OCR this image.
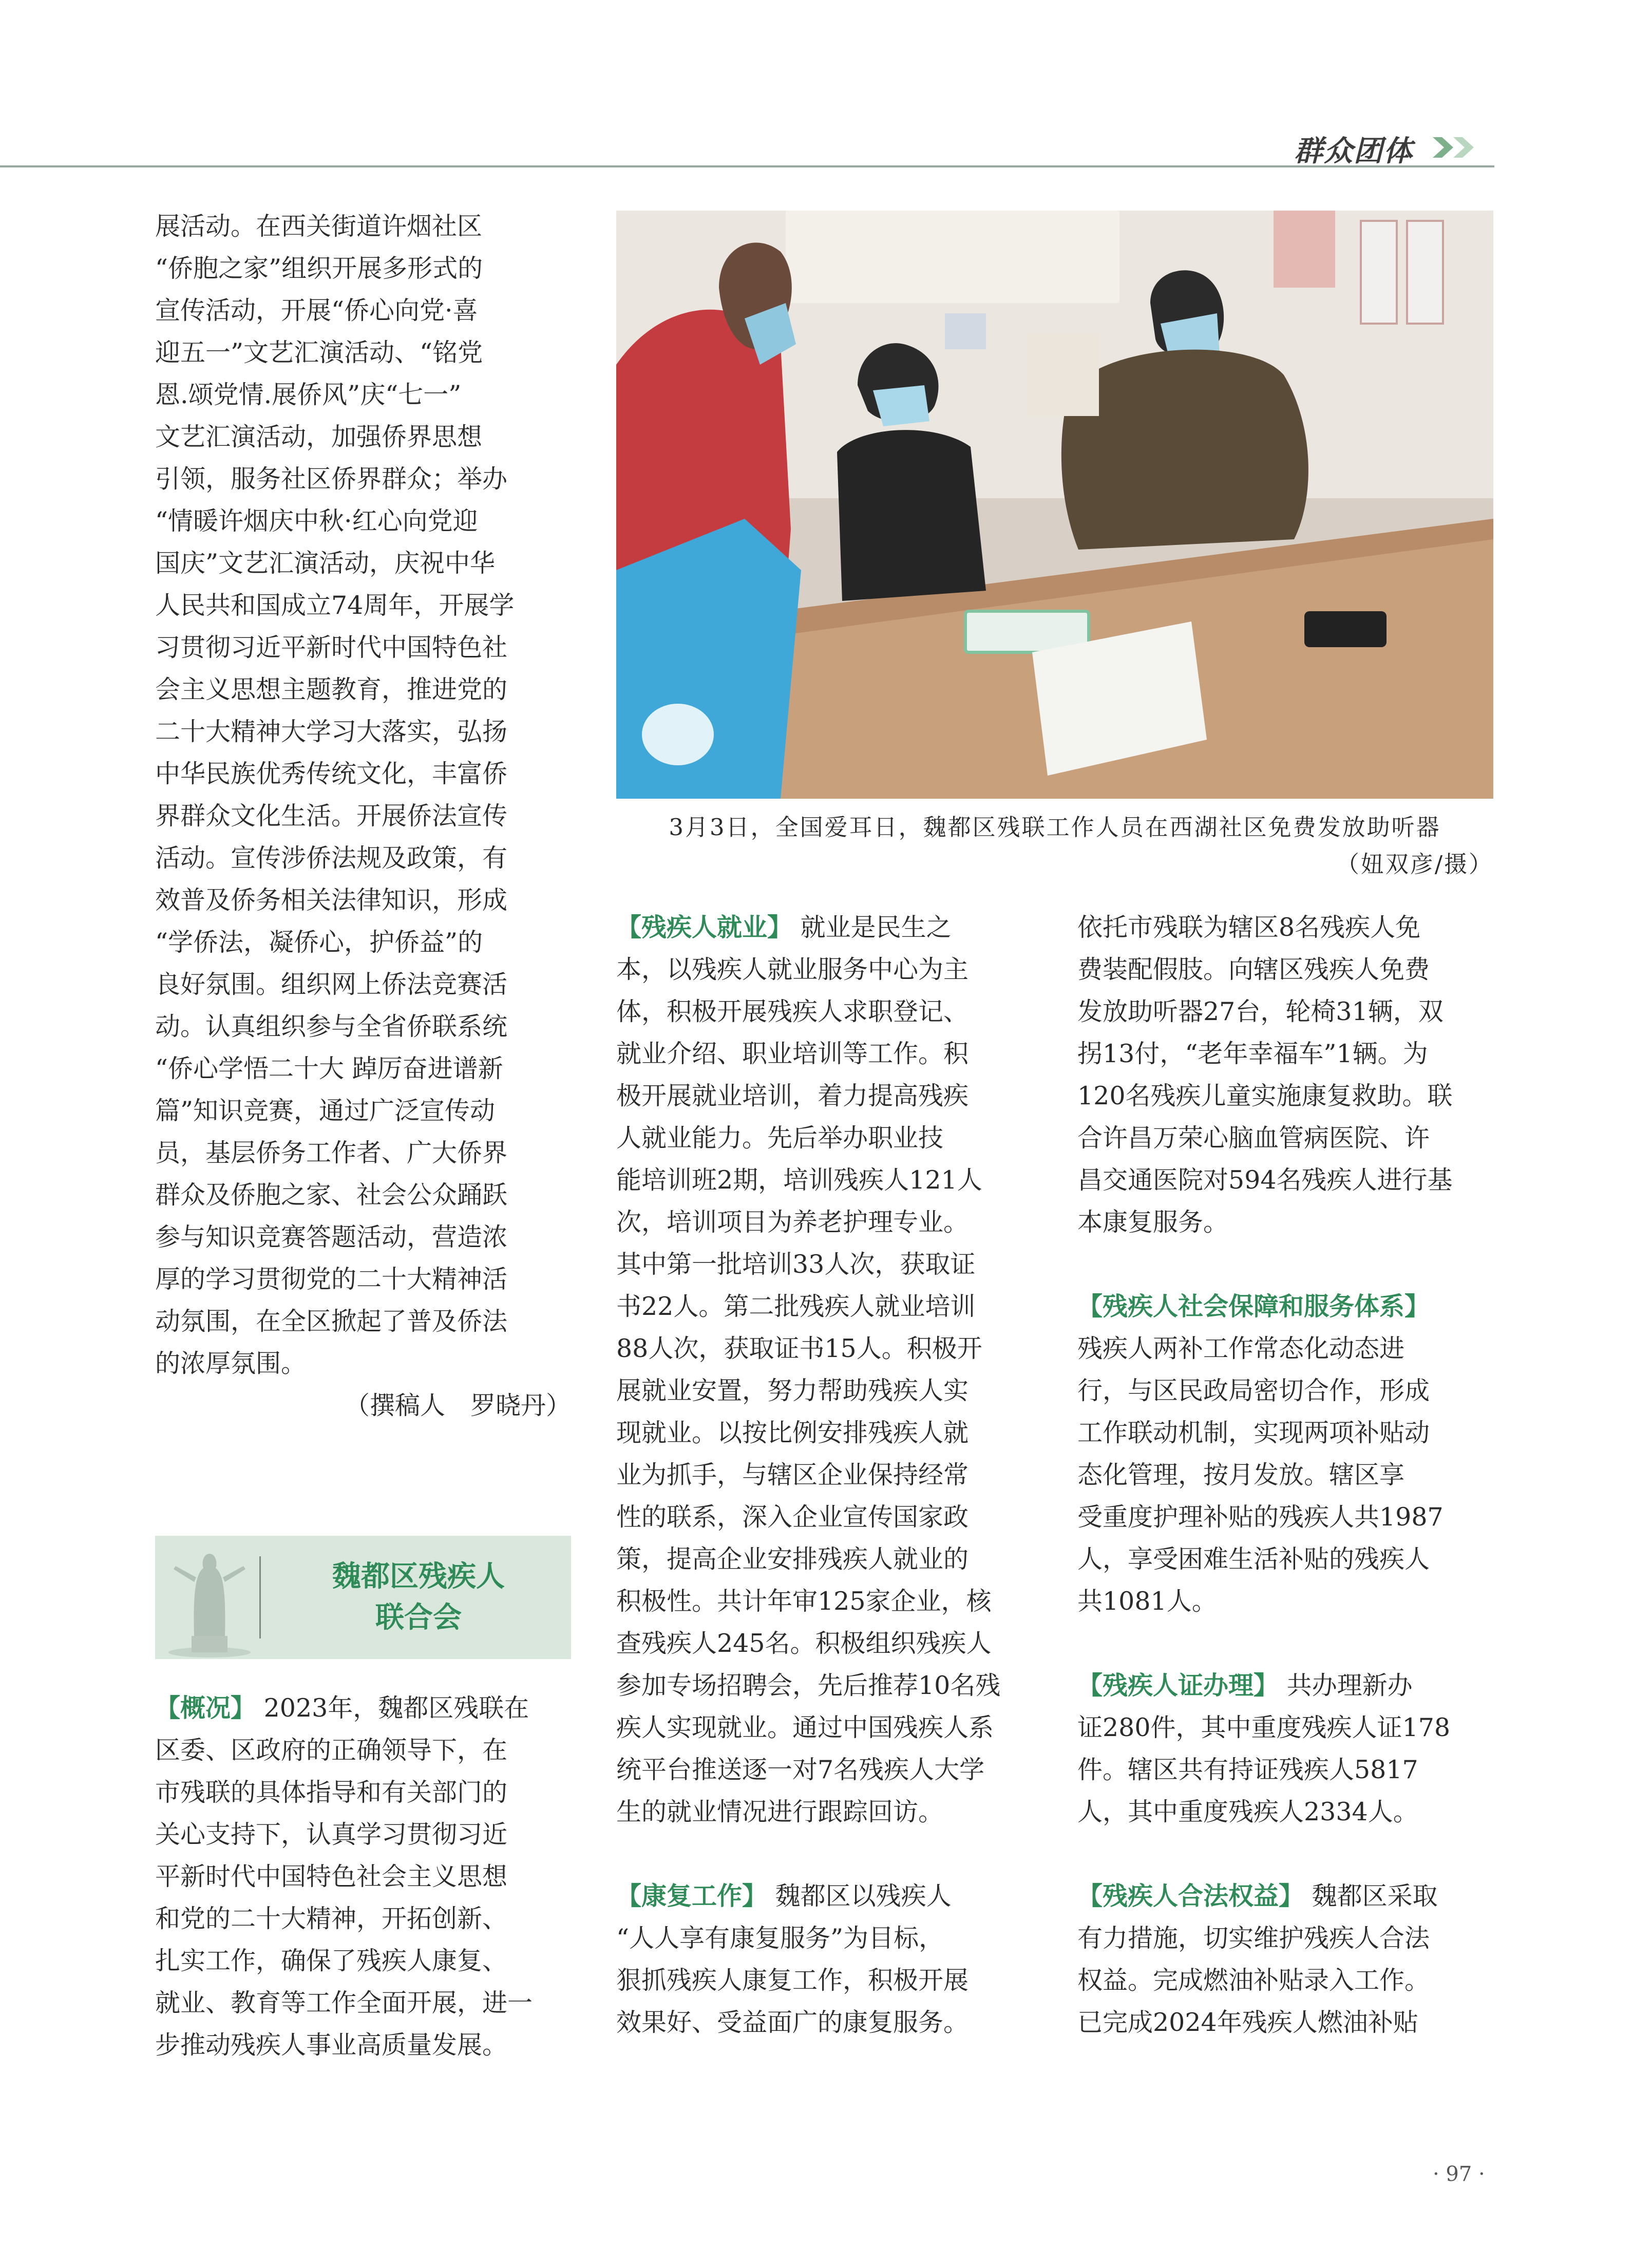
群众团体

展活动。在西关街道许烟社区

“侨胞之家”组织开展多形式的

宣传活动，开展“侨心向党·喜

迎五一”文艺汇演活动、“铭党

恩.颂党情.展侨风”庆“七一”

文艺汇演活动，加强侨界思想

引领，服务社区侨界群众；举办

“情暖许烟庆中秋·红心向党迎

国庆”文艺汇演活动，庆祝中华

人民共和国成立74周年，开展学

习贯彻习近平新时代中国特色社

会主义思想主题教育，推进党的

二十大精神大学习大落实，弘扬

中华民族优秀传统文化，丰富侨

界群众文化生活。开展侨法宣传

活动。宣传涉侨法规及政策，有

效普及侨务相关法律知识，形成

“学侨法，凝侨心，护侨益”的

良好氛围。组织网上侨法竞赛活

动。认真组织参与全省侨联系统

“侨心学悟二十大 踔厉奋进谱新

篇”知识竞赛，通过广泛宣传动

员，基层侨务工作者、广大侨界

群众及侨胞之家、社会公众踊跃

参与知识竞赛答题活动，营造浓

厚的学习贯彻党的二十大精神活

动氛围，在全区掀起了普及侨法

的浓厚氛围。

（撰稿人　罗晓丹）

魏都区残疾人
联合会

【概况】 2023年，魏都区残联在

区委、区政府的正确领导下，在

市残联的具体指导和有关部门的

关心支持下，认真学习贯彻习近

平新时代中国特色社会主义思想

和党的二十大精神，开拓创新、

扎实工作，确保了残疾人康复、

就业、教育等工作全面开展，进一

步推动残疾人事业高质量发展。

3月3日，全国爱耳日，魏都区残联工作人员在西湖社区免费发放助听器

（妞双彦/摄）

【残疾人就业】 就业是民生之

本，以残疾人就业服务中心为主

体，积极开展残疾人求职登记、

就业介绍、职业培训等工作。积

极开展就业培训，着力提高残疾

人就业能力。先后举办职业技

能培训班2期，培训残疾人121人

次，培训项目为养老护理专业。

其中第一批培训33人次，获取证

书22人。第二批残疾人就业培训

88人次，获取证书15人。积极开

展就业安置，努力帮助残疾人实

现就业。以按比例安排残疾人就

业为抓手，与辖区企业保持经常

性的联系，深入企业宣传国家政

策，提高企业安排残疾人就业的

积极性。共计年审125家企业，核

查残疾人245名。积极组织残疾人

参加专场招聘会，先后推荐10名残

疾人实现就业。通过中国残疾人系

统平台推送逐一对7名残疾人大学

生的就业情况进行跟踪回访。

【康复工作】 魏都区以残疾人

“人人享有康复服务”为目标，

狠抓残疾人康复工作，积极开展

效果好、受益面广的康复服务。

依托市残联为辖区8名残疾人免

费装配假肢。向辖区残疾人免费

发放助听器27台，轮椅31辆，双

拐13付，“老年幸福车”1辆。为

120名残疾儿童实施康复救助。联

合许昌万荣心脑血管病医院、许

昌交通医院对594名残疾人进行基

本康复服务。

【残疾人社会保障和服务体系】

残疾人两补工作常态化动态进

行，与区民政局密切合作，形成

工作联动机制，实现两项补贴动

态化管理，按月发放。辖区享

受重度护理补贴的残疾人共1987

人，享受困难生活补贴的残疾人

共1081人。

【残疾人证办理】 共办理新办

证280件，其中重度残疾人证178

件。辖区共有持证残疾人5817

人，其中重度残疾人2334人。

【残疾人合法权益】 魏都区采取

有力措施，切实维护残疾人合法

权益。完成燃油补贴录入工作。

已完成2024年残疾人燃油补贴

· 97 ·
